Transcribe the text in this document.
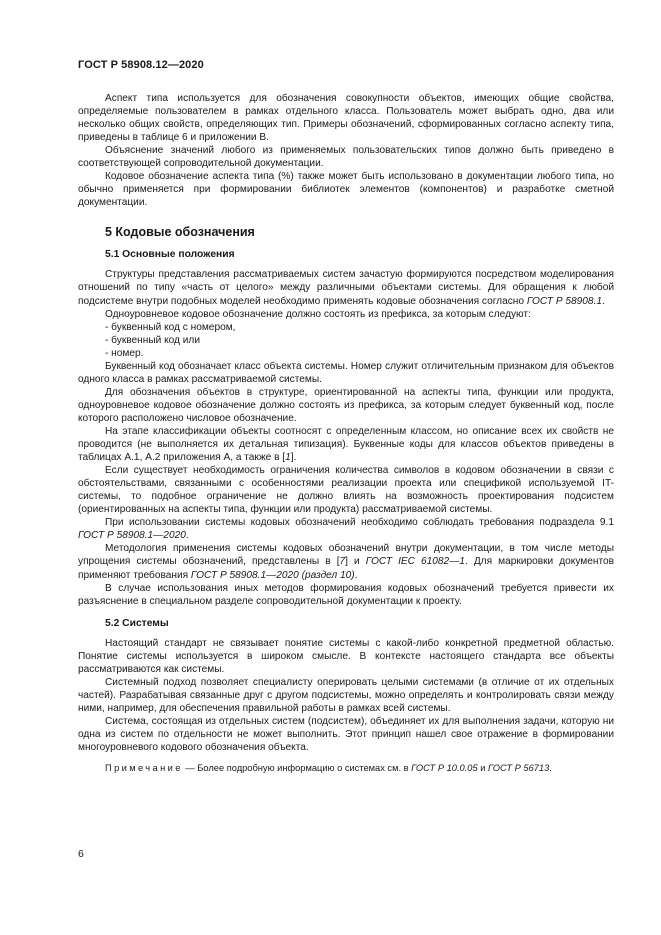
ГОСТ Р 58908.12—2020

Аспект типа используется для обозначения совокупности объектов, имеющих общие свойства, определяемые пользователем в рамках отдельного класса. Пользователь может выбрать одно, два или несколько общих свойств, определяющих тип. Примеры обозначений, сформированных согласно аспекту типа, приведены в таблице 6 и приложении В.

Объяснение значений любого из применяемых пользовательских типов должно быть приведено в соответствующей сопроводительной документации.

Кодовое обозначение аспекта типа (%) также может быть использовано в документации любого типа, но обычно применяется при формировании библиотек элементов (компонентов) и разработке сметной документации.

5 Кодовые обозначения
5.1 Основные положения

Структуры представления рассматриваемых систем зачастую формируются посредством моделирования отношений по типу «часть от целого» между различными объектами системы. Для обращения к любой подсистеме внутри подобных моделей необходимо применять кодовые обозначения согласно ГОСТ Р 58908.1.

Одноуровневое кодовое обозначение должно состоять из префикса, за которым следуют:

- буквенный код с номером,

- буквенный код или

- номер.

Буквенный код обозначает класс объекта системы. Номер служит отличительным признаком для объектов одного класса в рамках рассматриваемой системы.

Для обозначения объектов в структуре, ориентированной на аспекты типа, функции или продукта, одноуровневое кодовое обозначение должно состоять из префикса, за которым следует буквенный код, после которого расположено числовое обозначение.

На этапе классификации объекты соотносят с определенным классом, но описание всех их свойств не проводится (не выполняется их детальная типизация). Буквенные коды для классов объектов приведены в таблицах А.1, А.2 приложения А, а также в [1].

Если существует необходимость ограничения количества символов в кодовом обозначении в связи с обстоятельствами, связанными с особенностями реализации проекта или спецификой используемой IT-системы, то подобное ограничение не должно влиять на возможность проектирования подсистем (ориентированных на аспекты типа, функции или продукта) рассматриваемой системы.

При использовании системы кодовых обозначений необходимо соблюдать требования подраздела 9.1 ГОСТ Р 58908.1—2020.

Методология применения системы кодовых обозначений внутри документации, в том числе методы упрощения системы обозначений, представлены в [7] и ГОСТ IEC 61082—1. Для маркировки документов применяют требования ГОСТ Р 58908.1—2020 (раздел 10).

В случае использования иных методов формирования кодовых обозначений требуется привести их разъяснение в специальном разделе сопроводительной документации к проекту.

5.2 Системы

Настоящий стандарт не связывает понятие системы с какой-либо конкретной предметной областью. Понятие системы используется в широком смысле. В контексте настоящего стандарта все объекты рассматриваются как системы.

Системный подход позволяет специалисту оперировать целыми системами (в отличие от их отдельных частей). Разрабатывая связанные друг с другом подсистемы, можно определять и контролировать связи между ними, например, для обеспечения правильной работы в рамках всей системы.

Система, состоящая из отдельных систем (подсистем), объединяет их для выполнения задачи, которую ни одна из систем по отдельности не может выполнить. Этот принцип нашел свое отражение в формировании многоуровневого кодового обозначения объекта.

Примечание — Более подробную информацию о системах см. в ГОСТ Р 10.0.05 и ГОСТ Р 56713.

6
